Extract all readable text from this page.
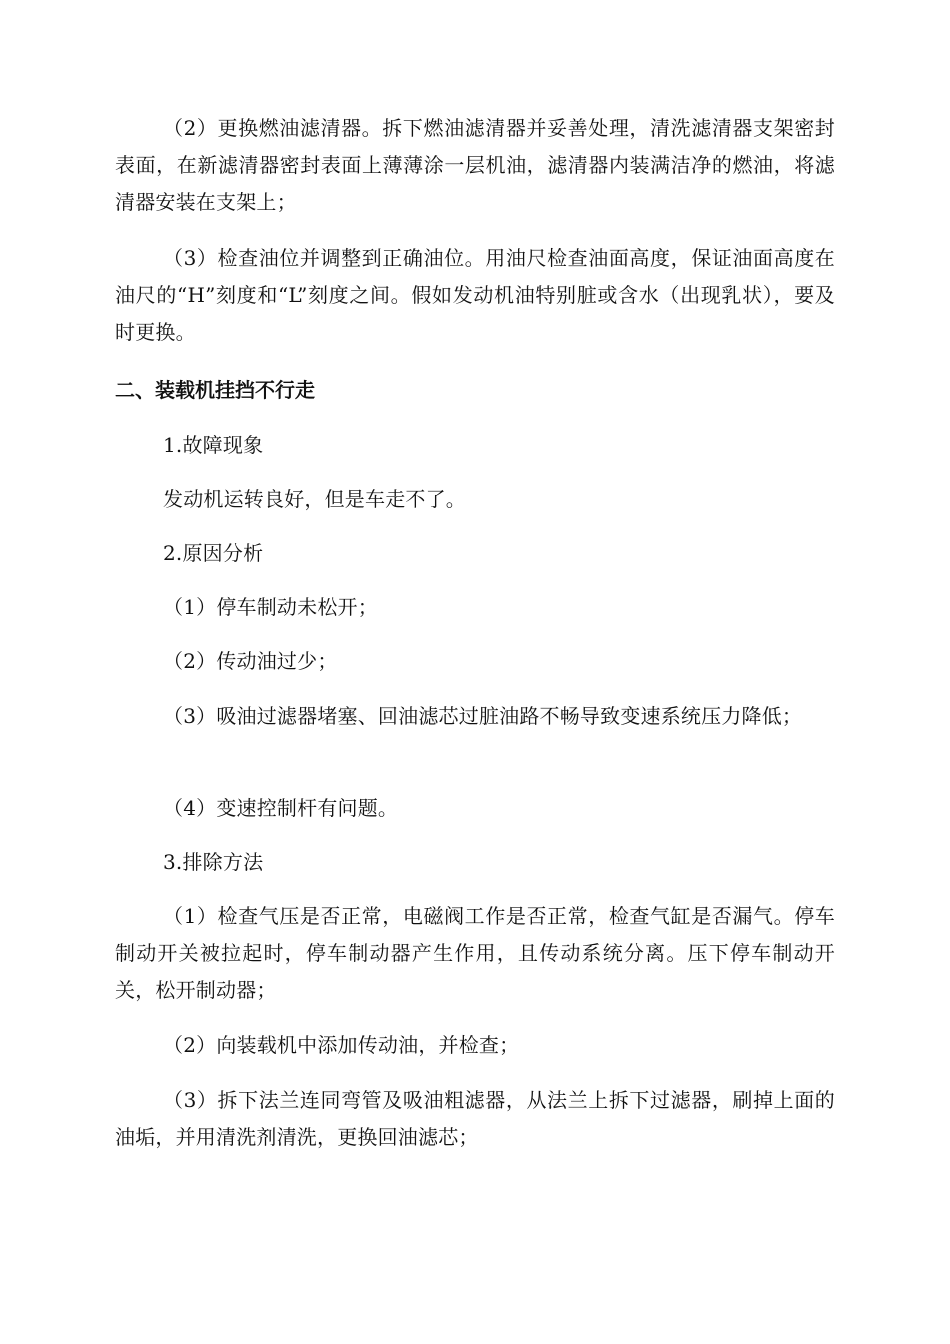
（2）更换燃油滤清器。拆下燃油滤清器并妥善处理，清洗滤清器支架密封表面，在新滤清器密封表面上薄薄涂一层机油，滤清器内装满洁净的燃油，将滤清器安装在支架上；

（3）检查油位并调整到正确油位。用油尺检查油面高度，保证油面高度在油尺的“H”刻度和“L”刻度之间。假如发动机油特别脏或含水（出现乳状），要及时更换。

二、装载机挂挡不行走

1.故障现象

发动机运转良好，但是车走不了。

2.原因分析

（1）停车制动未松开；

（2）传动油过少；

（3）吸油过滤器堵塞、回油滤芯过脏油路不畅导致变速系统压力降低；

（4）变速控制杆有问题。

3.排除方法

（1）检查气压是否正常，电磁阀工作是否正常，检查气缸是否漏气。停车制动开关被拉起时，停车制动器产生作用，且传动系统分离。压下停车制动开关，松开制动器；

（2）向装载机中添加传动油，并检查；

（3）拆下法兰连同弯管及吸油粗滤器，从法兰上拆下过滤器，刷掉上面的油垢，并用清洗剂清洗，更换回油滤芯；
